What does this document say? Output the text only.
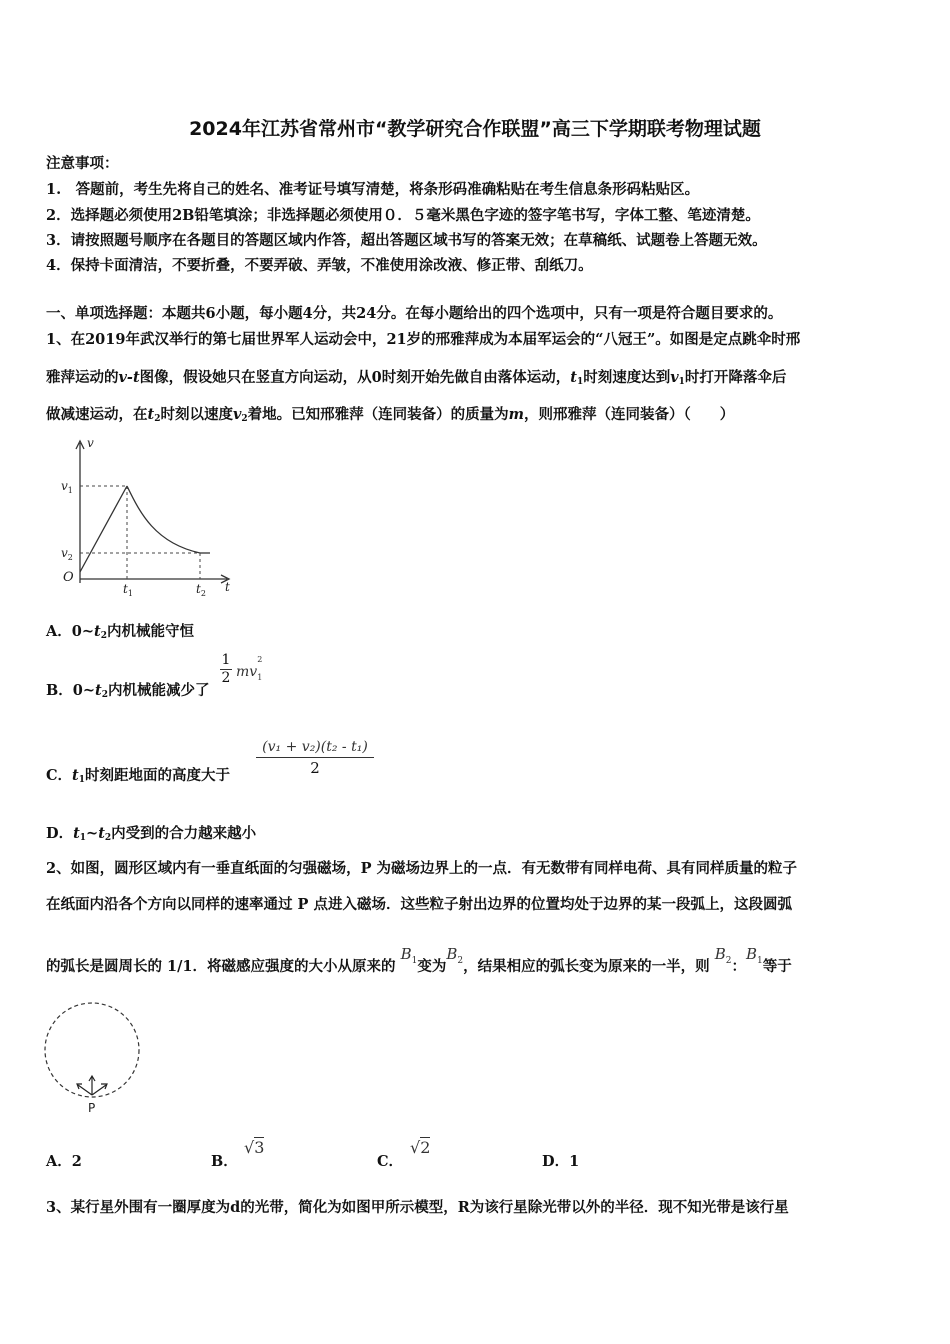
2024年江苏省常州市“教学研究合作联盟”高三下学期联考物理试题
注意事项：
1.　答题前，考生先将自己的姓名、准考证号填写清楚，将条形码准确粘贴在考生信息条形码粘贴区。
2．选择题必须使用2B铅笔填涂；非选择题必须使用０．５毫米黑色字迹的签字笔书写，字体工整、笔迹清楚。
3．请按照题号顺序在各题目的答题区域内作答，超出答题区域书写的答案无效；在草稿纸、试题卷上答题无效。
4．保持卡面清洁，不要折叠，不要弄破、弄皱，不准使用涂改液、修正带、刮纸刀。
一、单项选择题：本题共6小题，每小题4分，共24分。在每小题给出的四个选项中，只有一项是符合题目要求的。
1、在2019年武汉举行的第七届世界军人运动会中，21岁的邢雅萍成为本届军运会的“八冠王”。如图是定点跳伞时邢
雅萍运动的v-t图像，假设她只在竖直方向运动，从0时刻开始先做自由落体运动，$t_1$时刻速度达到$v_1$时打开降落伞后
做减速运动，在$t_2$时刻以速度$v_2$着地。已知邢雅萍（连同装备）的质量为m，则邢雅萍（连同装备）（　　）
v
$v_1$
$v_2$
O
$t_1$	$t_2$ t
A．$0\sim t_2$内机械能守恒
B．$0\sim t_2$内机械能减少了
$\frac{1}{2} mv_1$
2
C．$t_1$时刻距地面的高度大于 $\frac{\text{(v₁ + v₂)(t₂ - t₁)}}{2}$
D．$t_1\sim t_2$内受到的合力越来越小
2、如图，圆形区域内有一垂直纸面的匀强磁场，P 为磁场边界上的一点．有无数带有同样电荷、具有同样质量的粒子
在纸面内沿各个方向以同样的速率通过 P 点进入磁场．这些粒子射出边界的位置均处于边界的某一段弧上，这段圆弧
的弧长是圆周长的 1/1．将磁感应强度的大小从原来的 $B_1$变为$B_2$，结果相应的弧长变为原来的一半，则 $B_2$：$B_1$等于
P
A．2	B．
√3
C．
√2
D．1
3、某行星外围有一圈厚度为d的光带，简化为如图甲所示模型，R为该行星除光带以外的半径．现不知光带是该行星
